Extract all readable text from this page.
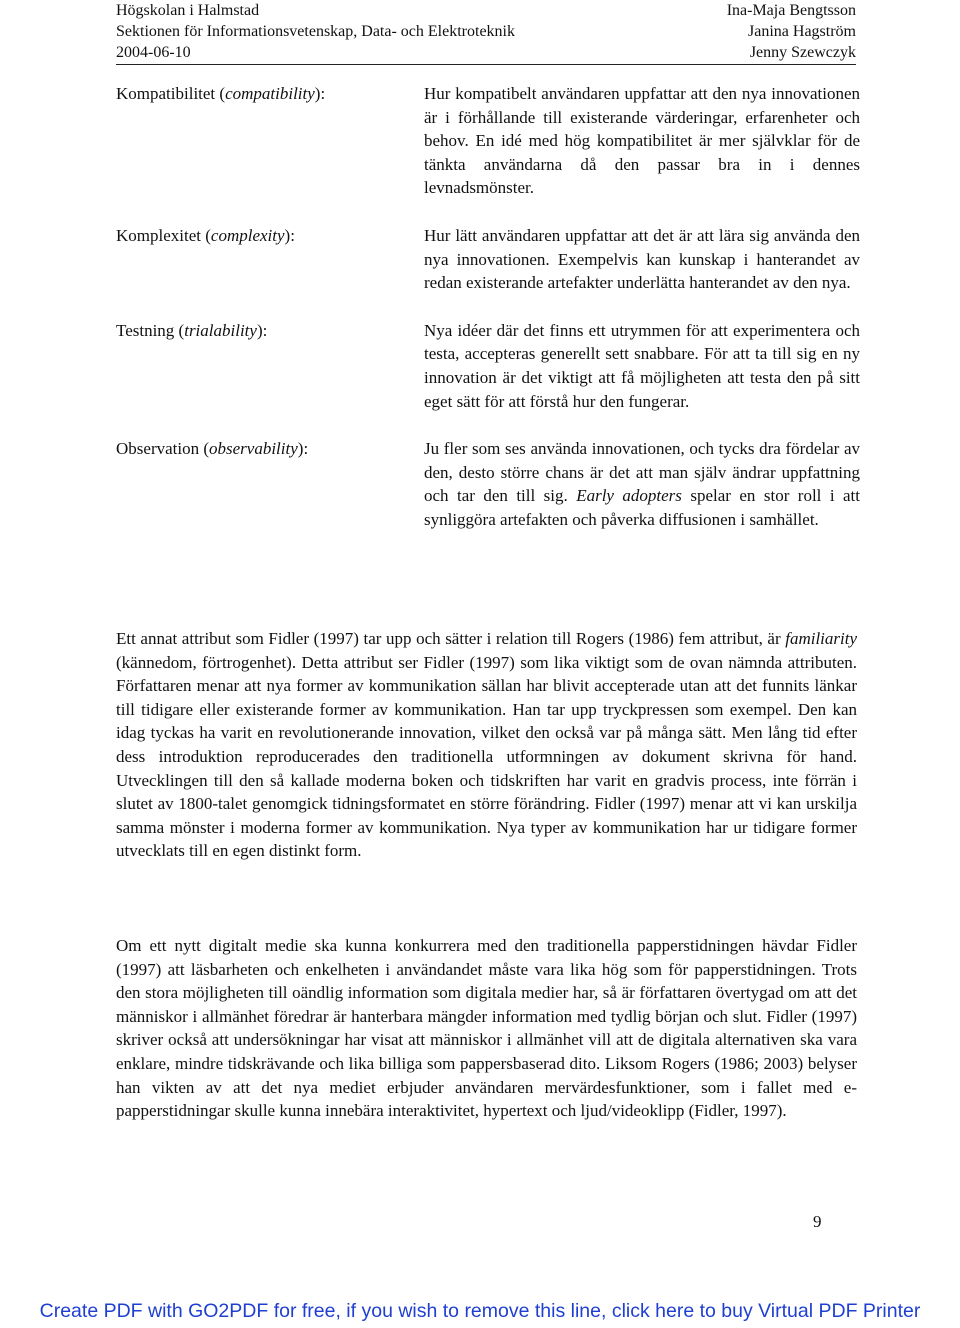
Högskolan i Halmstad
Sektionen för Informationsvetenskap, Data- och Elektroteknik
2004-06-10
Ina-Maja Bengtsson
Janina Hagström
Jenny Szewczyk
Kompatibilitet (compatibility):	Hur kompatibelt användaren uppfattar att den nya innovationen är i förhållande till existerande värderingar, erfarenheter och behov. En idé med hög kompatibilitet är mer självklar för de tänkta användarna då den passar bra in i dennes levnadsmönster.
Komplexitet (complexity):	Hur lätt användaren uppfattar att det är att lära sig använda den nya innovationen. Exempelvis kan kunskap i hanterandet av redan existerande artefakter underlätta hanterandet av den nya.
Testning (trialability):	Nya idéer där det finns ett utrymmen för att experimentera och testa, accepteras generellt sett snabbare. För att ta till sig en ny innovation är det viktigt att få möjligheten att testa den på sitt eget sätt för att förstå hur den fungerar.
Observation (observability):	Ju fler som ses använda innovationen, och tycks dra fördelar av den, desto större chans är det att man själv ändrar uppfattning och tar den till sig. Early adopters spelar en stor roll i att synliggöra artefakten och påverka diffusionen i samhället.

Ett annat attribut som Fidler (1997) tar upp och sätter i relation till Rogers (1986) fem attribut, är familiarity (kännedom, förtrogenhet). Detta attribut ser Fidler (1997) som lika viktigt som de ovan nämnda attributen. Författaren menar att nya former av kommunikation sällan har blivit accepterade utan att det funnits länkar till tidigare eller existerande former av kommunikation. Han tar upp tryckpressen som exempel. Den kan idag tyckas ha varit en revolutionerande innovation, vilket den också var på många sätt. Men lång tid efter dess introduktion reproducerades den traditionella utformningen av dokument skrivna för hand. Utvecklingen till den så kallade moderna boken och tidskriften har varit en gradvis process, inte förrän i slutet av 1800-talet genomgick tidningsformatet en större förändring. Fidler (1997) menar att vi kan urskilja samma mönster i moderna former av kommunikation. Nya typer av kommunikation har ur tidigare former utvecklats till en egen distinkt form.

Om ett nytt digitalt medie ska kunna konkurrera med den traditionella papperstidningen hävdar Fidler (1997) att läsbarheten och enkelheten i användandet måste vara lika hög som för papperstidningen. Trots den stora möjligheten till oändlig information som digitala medier har, så är författaren övertygad om att det människor i allmänhet föredrar är hanterbara mängder information med tydlig början och slut. Fidler (1997) skriver också att undersökningar har visat att människor i allmänhet vill att de digitala alternativen ska vara enklare, mindre tidskrävande och lika billiga som pappersbaserad dito. Liksom Rogers (1986; 2003) belyser han vikten av att det nya mediet erbjuder användaren mervärdesfunktioner, som i fallet med e-papperstidningar skulle kunna innebära interaktivitet, hypertext och ljud/videoklipp (Fidler, 1997).

9
Create PDF with GO2PDF for free, if you wish to remove this line, click here to buy Virtual PDF Printer
